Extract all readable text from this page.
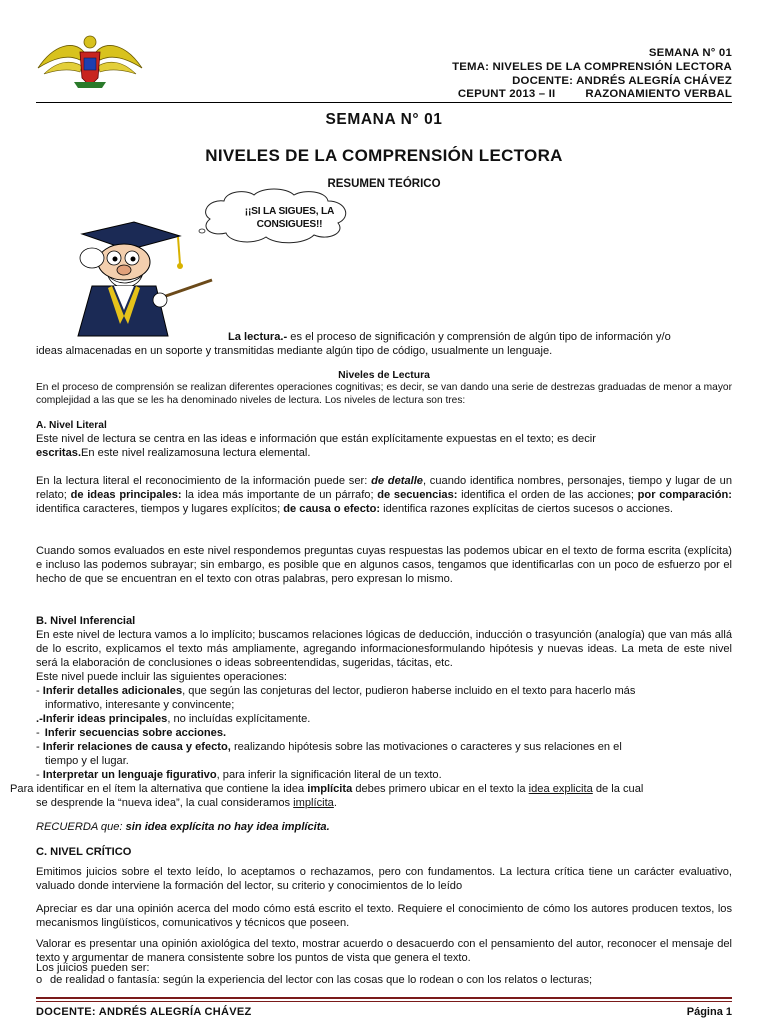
SEMANA N° 01
TEMA: NIVELES DE LA COMPRENSIÓN LECTORA
DOCENTE: ANDRÉS ALEGRÍA CHÁVEZ
CEPUNT 2013 – II	RAZONAMIENTO VERBAL
SEMANA N° 01
NIVELES DE LA COMPRENSIÓN LECTORA
RESUMEN TEÓRICO
¡¡SI LA SIGUES, LA
CONSIGUES!!
La lectura.- es el proceso de significación y comprensión de algún tipo de información y/o
ideas almacenadas en un soporte y transmitidas mediante algún tipo de código, usualmente un lenguaje.
Niveles de Lectura
En el proceso de comprensión se realizan diferentes operaciones cognitivas; es decir, se van dando una serie de destrezas graduadas de menor a mayor complejidad a las que se les ha denominado niveles de lectura. Los niveles de lectura son tres:
A. Nivel Literal
Este nivel de lectura se centra en las ideas e información que están explícitamente expuestas en el texto; es decir
escritas.En este nivel realizamosuna lectura elemental.
En la lectura literal el reconocimiento de la información puede ser: de detalle, cuando identifica nombres, personajes, tiempo y lugar de un relato; de ideas principales: la idea más importante de un párrafo; de secuencias: identifica el orden de las acciones; por comparación: identifica caracteres, tiempos y lugares explícitos; de causa o efecto: identifica razones explícitas de ciertos sucesos o acciones.
Cuando somos evaluados en este nivel respondemos preguntas cuyas respuestas las podemos ubicar en el texto de forma escrita (explícita) e incluso las podemos subrayar; sin embargo, es posible que en algunos casos, tengamos que identificarlas con un poco de esfuerzo por el hecho de que se encuentran en el texto con otras palabras, pero expresan lo mismo.
B. Nivel Inferencial
En este nivel de lectura vamos a lo implícito; buscamos relaciones lógicas de deducción, inducción o trasyunción (analogía) que van más allá de lo escrito, explicamos el texto más ampliamente, agregando informacionesformulando hipótesis y nuevas ideas. La meta de este nivel será la elaboración de conclusiones o ideas sobreentendidas, sugeridas, tácitas, etc.
Este nivel puede incluir las siguientes operaciones:
- Inferir detalles adicionales, que según las conjeturas del lector, pudieron haberse incluido en el texto para hacerlo más
informativo, interesante y convincente;
.-Inferir ideas principales, no incluídas explícitamente.
- Inferir secuencias sobre acciones.
- Inferir relaciones de causa y efecto, realizando hipótesis sobre las motivaciones o caracteres y sus relaciones en el
tiempo y el lugar.
- Interpretar un lenguaje figurativo, para inferir la significación literal de un texto.
Para identificar en el ítem la alternativa que contiene la idea implícita debes primero ubicar en el texto la idea explicita de la cual
se desprende la “nueva idea”, la cual consideramos implícita.
RECUERDA que: sin idea explícita no hay idea implícita.
C. NIVEL CRÍTICO
Emitimos juicios sobre el texto leído, lo aceptamos o rechazamos, pero con fundamentos. La lectura crítica tiene un carácter evaluativo, valuado donde interviene la formación del lector, su criterio y conocimientos de lo leído
Apreciar es dar una opinión acerca del modo cómo está escrito el texto. Requiere el conocimiento de cómo los autores producen textos, los mecanismos lingüísticos, comunicativos y técnicos que poseen.
Valorar es presentar una opinión axiológica del texto, mostrar acuerdo o desacuerdo con el pensamiento del autor, reconocer el mensaje del texto y argumentar de manera consistente sobre los puntos de vista que genera el texto.
Los juicios pueden ser:
o de realidad o fantasía: según la experiencia del lector con las cosas que lo rodean o con los relatos o lecturas;
DOCENTE: ANDRÉS ALEGRÍA CHÁVEZ	Página 1
